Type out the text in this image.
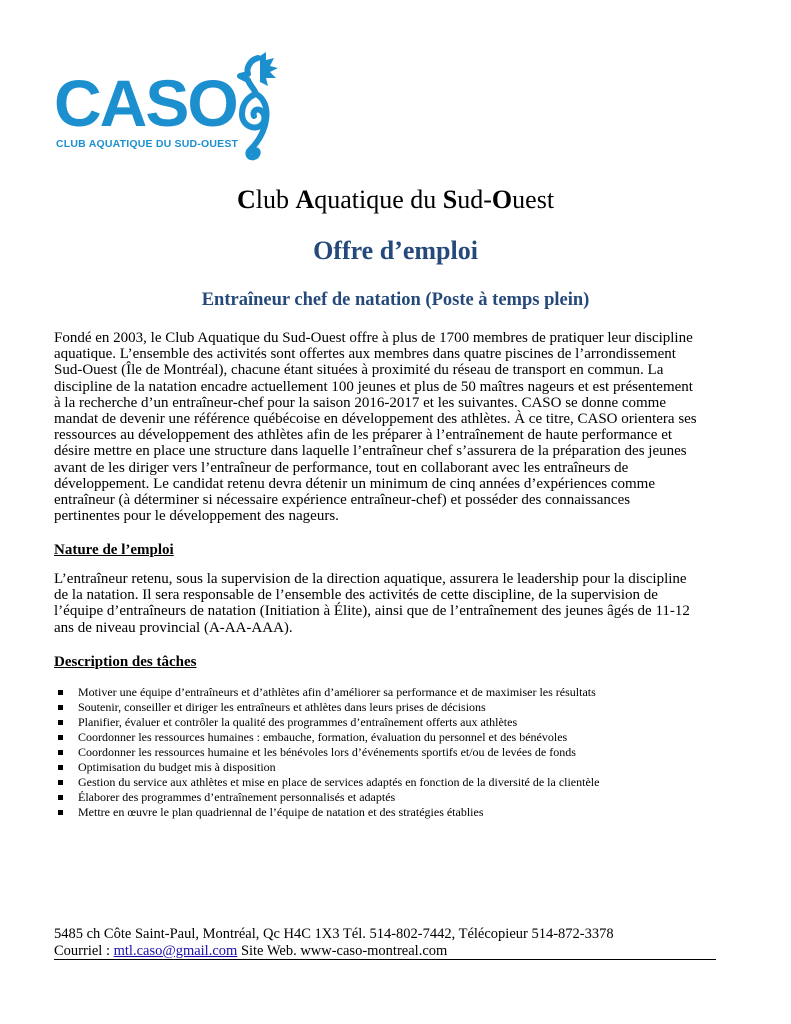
CASO
CLUB AQUATIQUE DU SUD-OUEST
Club Aquatique du Sud-Ouest
Offre d’emploi
Entraîneur chef de natation (Poste à temps plein)
Fondé en 2003, le Club Aquatique du Sud-Ouest offre à plus de 1700 membres de pratiquer leur discipline
aquatique. L’ensemble des activités sont offertes aux membres dans quatre piscines de l’arrondissement
Sud-Ouest (Île de Montréal), chacune étant situées à proximité du réseau de transport en commun. La
discipline de la natation encadre actuellement 100 jeunes et plus de 50 maîtres nageurs et est présentement
à la recherche d’un entraîneur-chef pour la saison 2016-2017 et les suivantes. CASO se donne comme
mandat de devenir une référence québécoise en développement des athlètes. À ce titre, CASO orientera ses
ressources au développement des athlètes afin de les préparer à l’entraînement de haute performance et
désire mettre en place une structure dans laquelle l’entraîneur chef s’assurera de la préparation des jeunes
avant de les diriger vers l’entraîneur de performance, tout en collaborant avec les entraîneurs de
développement. Le candidat retenu devra détenir un minimum de cinq années d’expériences comme
entraîneur (à déterminer si nécessaire expérience entraîneur-chef) et posséder des connaissances
pertinentes pour le développement des nageurs.
Nature de l’emploi
L’entraîneur retenu, sous la supervision de la direction aquatique, assurera le leadership pour la discipline
de la natation. Il sera responsable de l’ensemble des activités de cette discipline, de la supervision de
l’équipe d’entraîneurs de natation (Initiation à Élite), ainsi que de l’entraînement des jeunes âgés de 11-12
ans de niveau provincial (A-AA-AAA).
Description des tâches
Motiver une équipe d’entraîneurs et d’athlètes afin d’améliorer sa performance et de maximiser les résultats
Soutenir, conseiller et diriger les entraîneurs et athlètes dans leurs prises de décisions
Planifier, évaluer et contrôler la qualité des programmes d’entraînement offerts aux athlètes
Coordonner les ressources humaines : embauche, formation, évaluation du personnel et des bénévoles
Coordonner les ressources humaine et les bénévoles lors d’événements sportifs et/ou de levées de fonds
Optimisation du budget mis à disposition
Gestion du service aux athlètes et mise en place de services adaptés en fonction de la diversité de la clientèle
Élaborer des programmes d’entraînement personnalisés et adaptés
Mettre en œuvre le plan quadriennal de l’équipe de natation et des stratégies établies
5485 ch Côte Saint-Paul, Montréal, Qc H4C 1X3 Tél. 514-802-7442, Télécopieur 514-872-3378
Courriel : mtl.caso@gmail.com Site Web. www-caso-montreal.com
